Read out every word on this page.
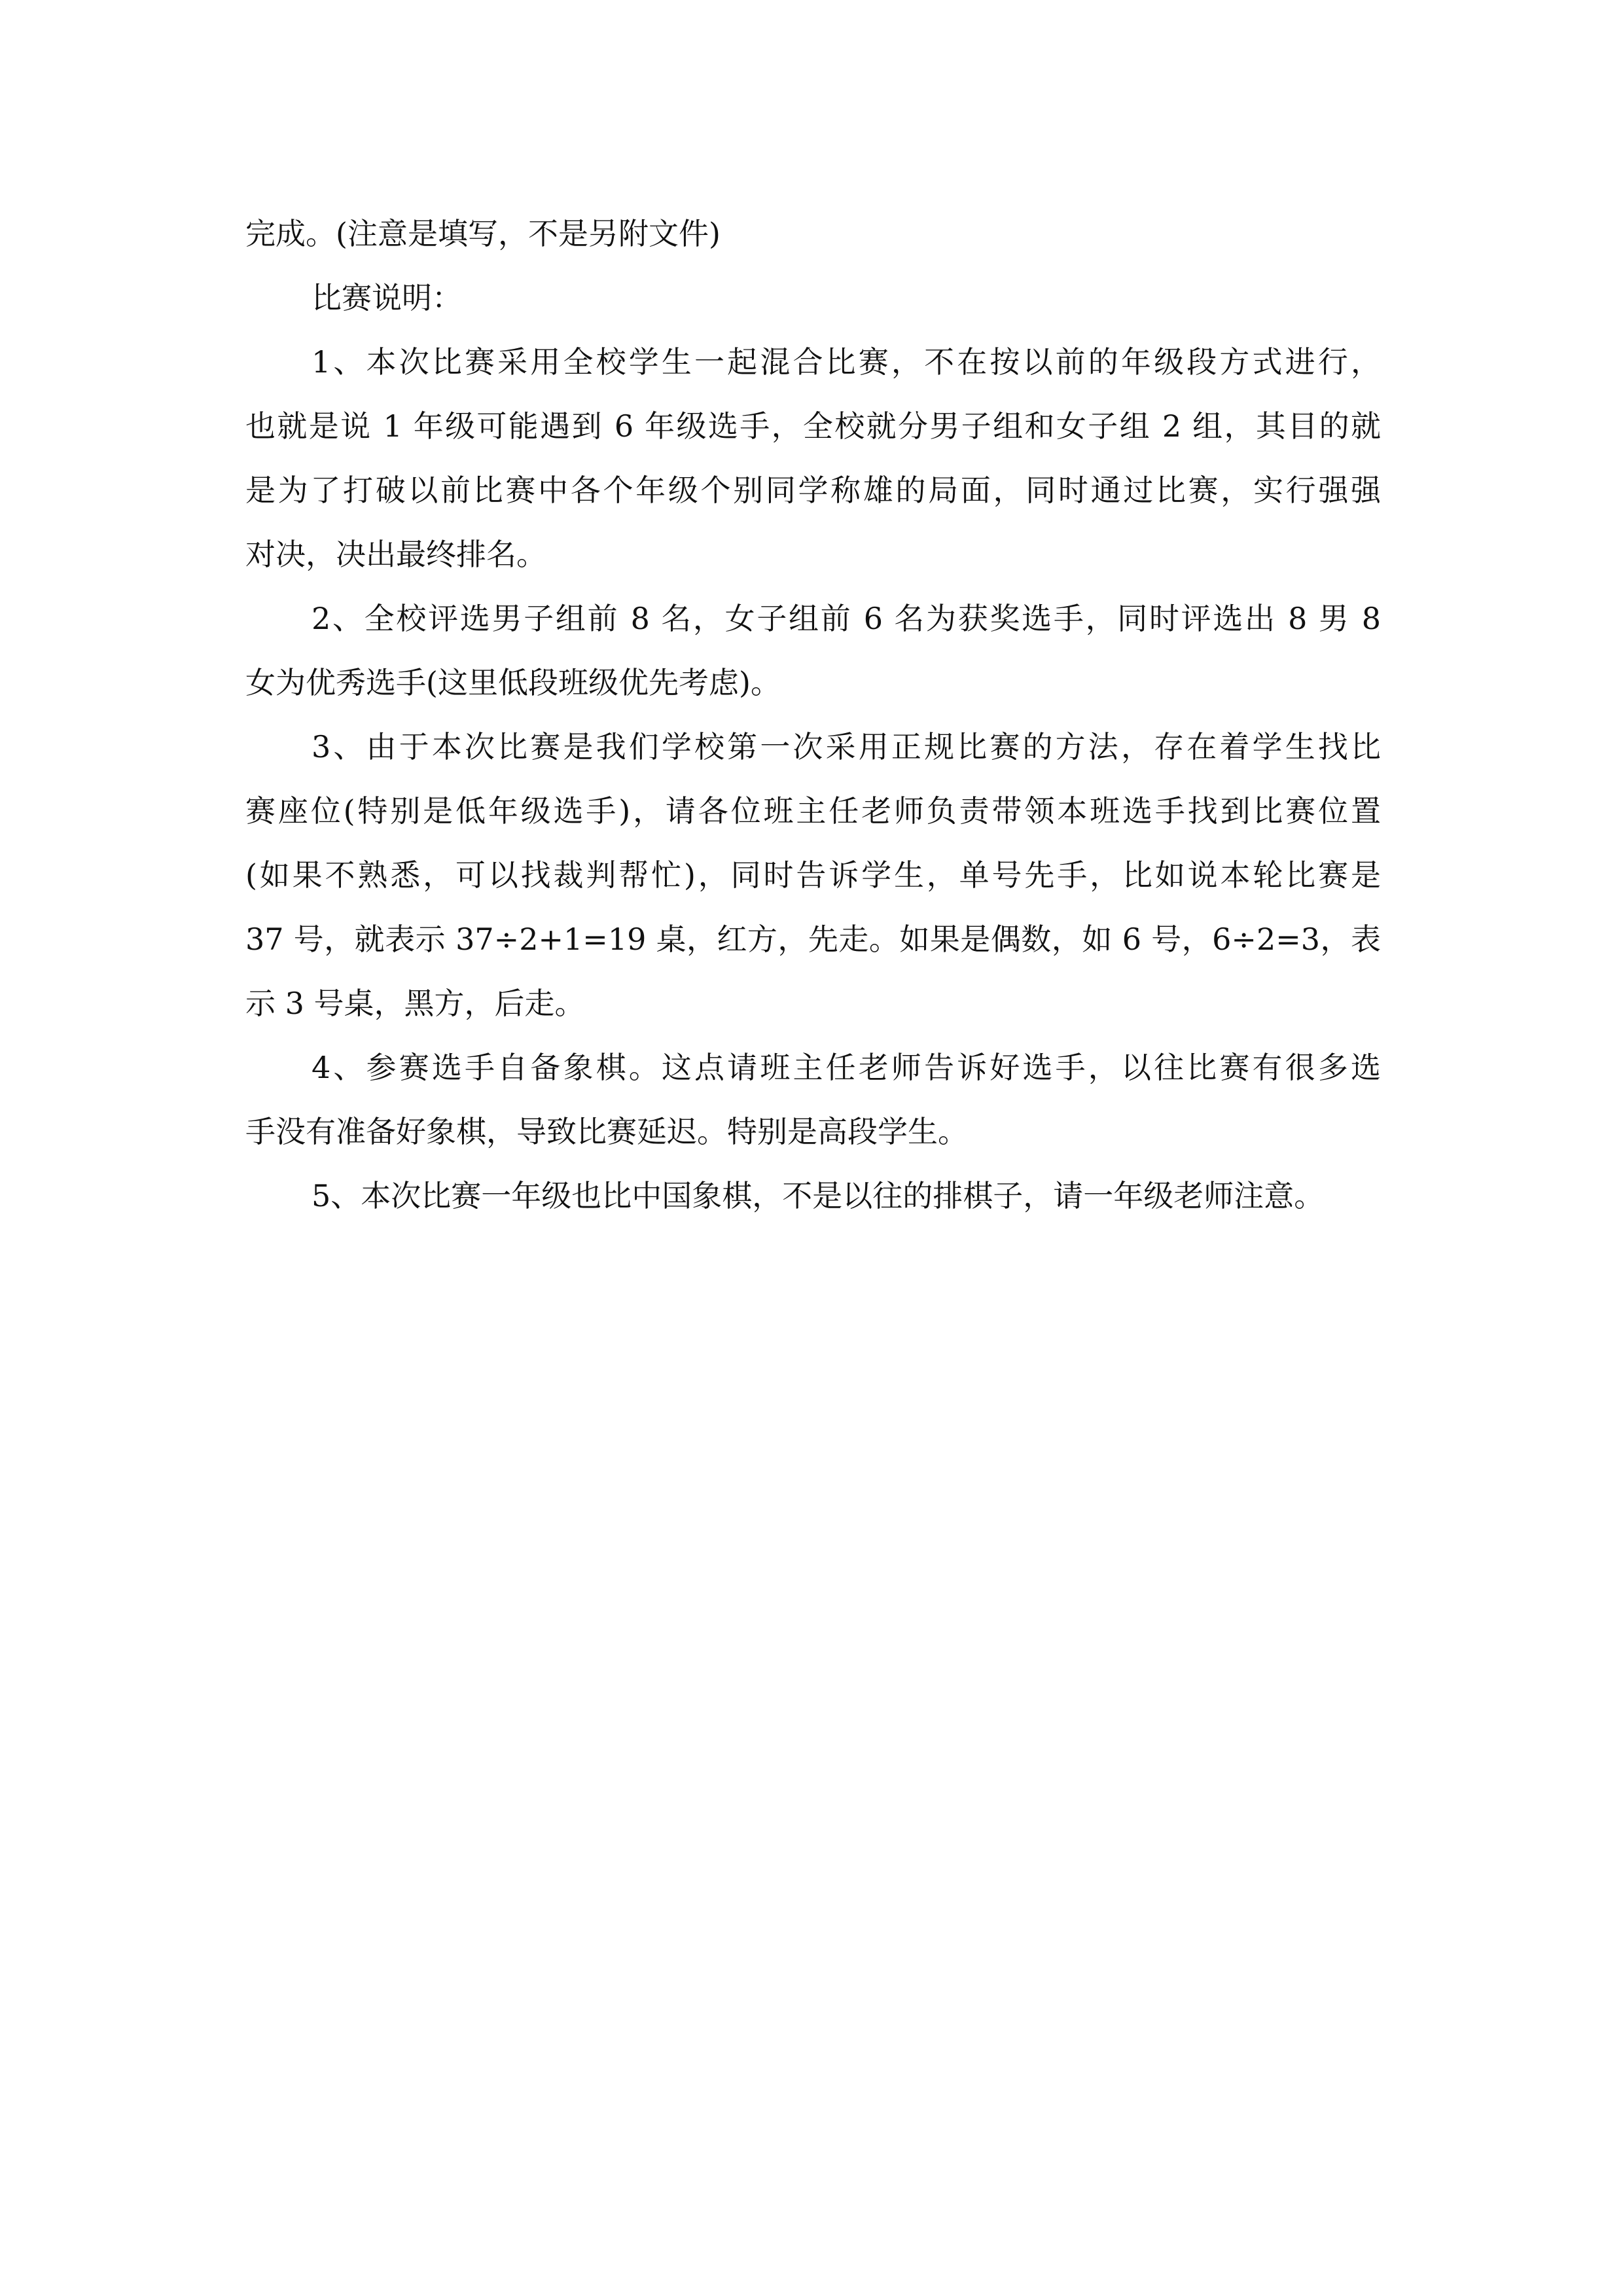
完成。(注意是填写，不是另附文件)
比赛说明：
1、本次比赛采用全校学生一起混合比赛，不在按以前的年级段方式进行，
也就是说 1 年级可能遇到 6 年级选手，全校就分男子组和女子组 2 组，其目的就
是为了打破以前比赛中各个年级个别同学称雄的局面，同时通过比赛，实行强强
对决，决出最终排名。
2、全校评选男子组前 8 名，女子组前 6 名为获奖选手，同时评选出 8 男 8
女为优秀选手(这里低段班级优先考虑)。
3、由于本次比赛是我们学校第一次采用正规比赛的方法，存在着学生找比
赛座位(特别是低年级选手)，请各位班主任老师负责带领本班选手找到比赛位置
(如果不熟悉，可以找裁判帮忙)，同时告诉学生，单号先手，比如说本轮比赛是
37 号，就表示 37÷2+1=19 桌，红方，先走。如果是偶数，如 6 号，6÷2=3，表
示 3 号桌，黑方，后走。
4、参赛选手自备象棋。这点请班主任老师告诉好选手，以往比赛有很多选
手没有准备好象棋，导致比赛延迟。特别是高段学生。
5、本次比赛一年级也比中国象棋，不是以往的排棋子，请一年级老师注意。
